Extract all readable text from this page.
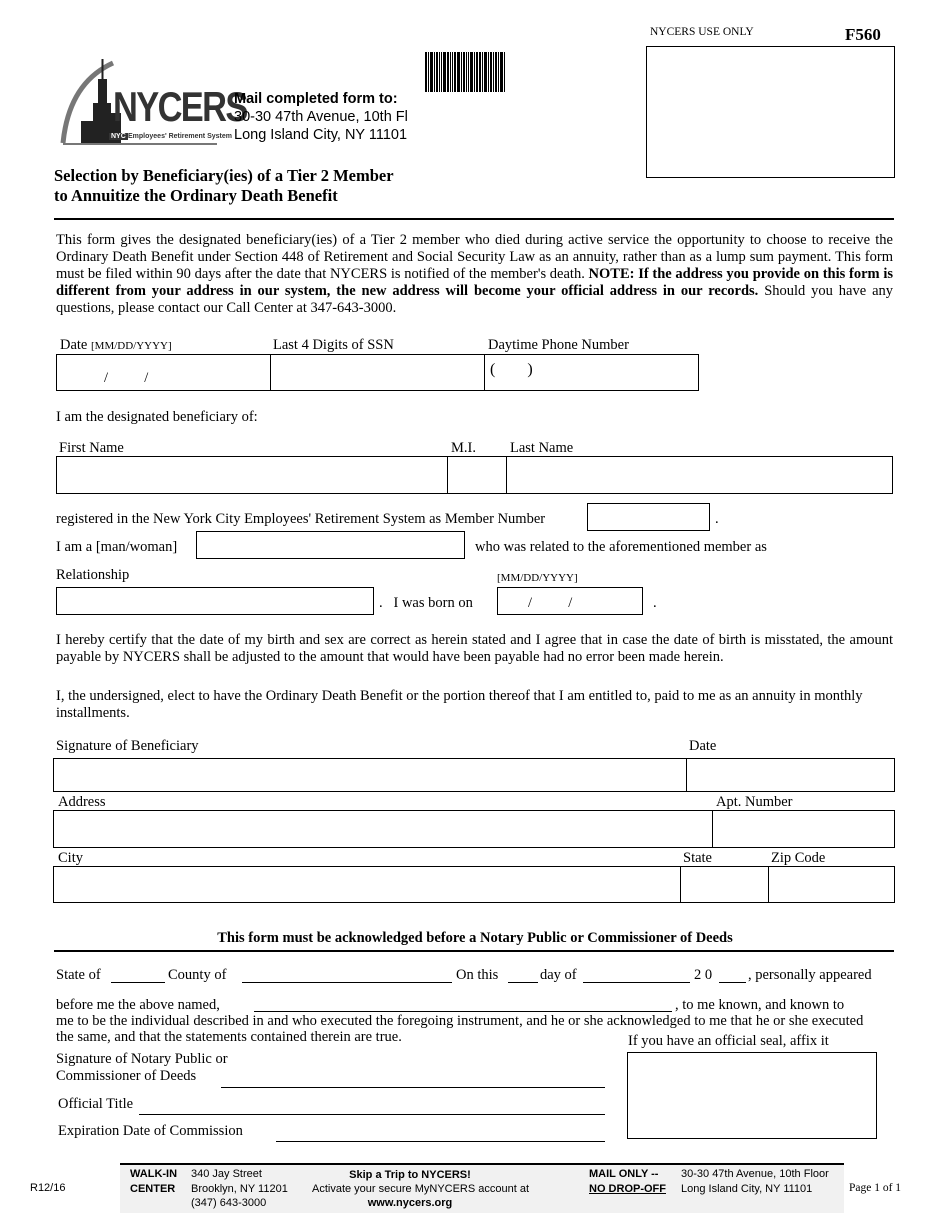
NYCERS USE ONLY	F560
NYCERS
NYC Employees' Retirement System
Mail completed form to:
30-30 47th Avenue, 10th Fl
Long Island City, NY 11101
Selection by Beneficiary(ies) of a Tier 2 Member
to Annuitize the Ordinary Death Benefit
This form gives the designated beneficiary(ies) of a Tier 2 member who died during active service the opportunity to choose to receive the Ordinary Death Benefit under Section 448 of Retirement and Social Security Law as an annuity, rather than as a lump sum payment. This form must be filed within 90 days after the date that NYCERS is notified of the member's death. NOTE: If the address you provide on this form is different from your address in our system, the new address will become your official address in our records. Should you have any questions, please contact our Call Center at 347-643-3000.
Date [MM/DD/YYYY]	Last 4 Digits of SSN	Daytime Phone Number
/          /	(        )
I am the designated beneficiary of:
First Name	M.I. Last Name
registered in the New York City Employees' Retirement System as Member Number	.
I am a [man/woman]	who was related to the aforementioned member as
Relationship
.   I was born on
[MM/DD/YYYY]
/          /	.
I hereby certify that the date of my birth and sex are correct as herein stated and I agree that in case the date of birth is misstated, the amount payable by NYCERS shall be adjusted to the amount that would have been payable had no error been made herein.
I, the undersigned, elect to have the Ordinary Death Benefit or the portion thereof that I am entitled to, paid to me as an annuity in monthly installments.
Signature of Beneficiary	Date
Address	Apt. Number
City	State	Zip Code
This form must be acknowledged before a Notary Public or Commissioner of Deeds
State of	County of	On this	day of	2 0 , personally appeared
before me the above named,	, to me known, and known to
me to be the individual described in and who executed the foregoing instrument, and he or she acknowledged to me that he or she executed the same, and that the statements contained therein are true.	If you have an official seal, affix it
Signature of Notary Public or
Commissioner of Deeds
Official Title
Expiration Date of Commission
R12/16
WALK-IN
CENTER
340 Jay Street
Brooklyn, NY 11201
(347) 643-3000
Skip a Trip to NYCERS!
Activate your secure MyNYCERS account at
www.nycers.org
MAIL ONLY --
NO DROP-OFF
30-30 47th Avenue, 10th Floor
Long Island City, NY 11101	Page 1 of 1
